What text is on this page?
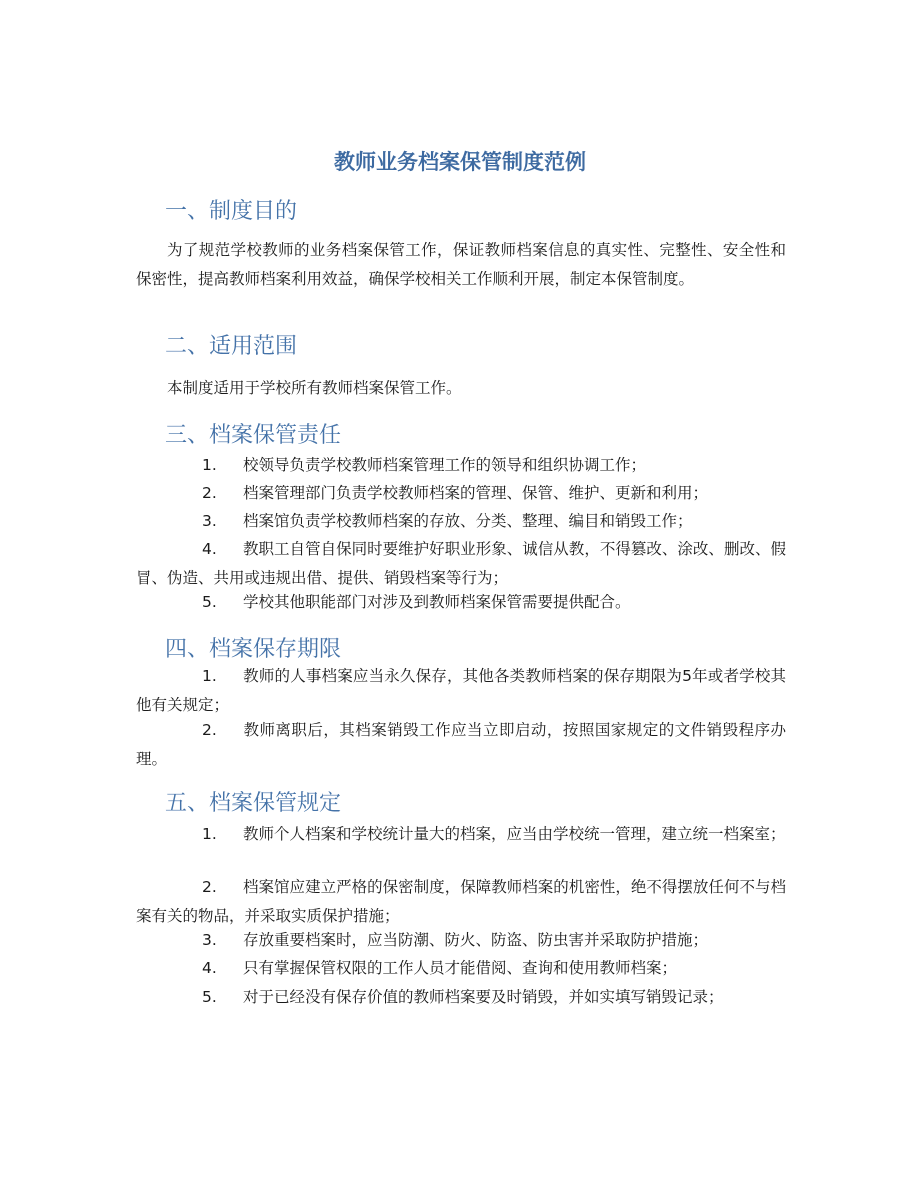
教师业务档案保管制度范例
一、制度目的
为了规范学校教师的业务档案保管工作，保证教师档案信息的真实性、完整性、安全性和保密性，提高教师档案利用效益，确保学校相关工作顺利开展，制定本保管制度。
二、适用范围
本制度适用于学校所有教师档案保管工作。
三、档案保管责任
1. 校领导负责学校教师档案管理工作的领导和组织协调工作；
2. 档案管理部门负责学校教师档案的管理、保管、维护、更新和利用；
3. 档案馆负责学校教师档案的存放、分类、整理、编目和销毁工作；
4. 教职工自管自保同时要维护好职业形象、诚信从教，不得篡改、涂改、删改、假冒、伪造、共用或违规出借、提供、销毁档案等行为；
5. 学校其他职能部门对涉及到教师档案保管需要提供配合。
四、档案保存期限
1. 教师的人事档案应当永久保存，其他各类教师档案的保存期限为5年或者学校其他有关规定；
2. 教师离职后，其档案销毁工作应当立即启动，按照国家规定的文件销毁程序办理。
五、档案保管规定
1. 教师个人档案和学校统计量大的档案，应当由学校统一管理，建立统一档案室；
2. 档案馆应建立严格的保密制度，保障教师档案的机密性，绝不得摆放任何不与档案有关的物品，并采取实质保护措施；
3. 存放重要档案时，应当防潮、防火、防盗、防虫害并采取防护措施；
4. 只有掌握保管权限的工作人员才能借阅、查询和使用教师档案；
5. 对于已经没有保存价值的教师档案要及时销毁，并如实填写销毁记录；
